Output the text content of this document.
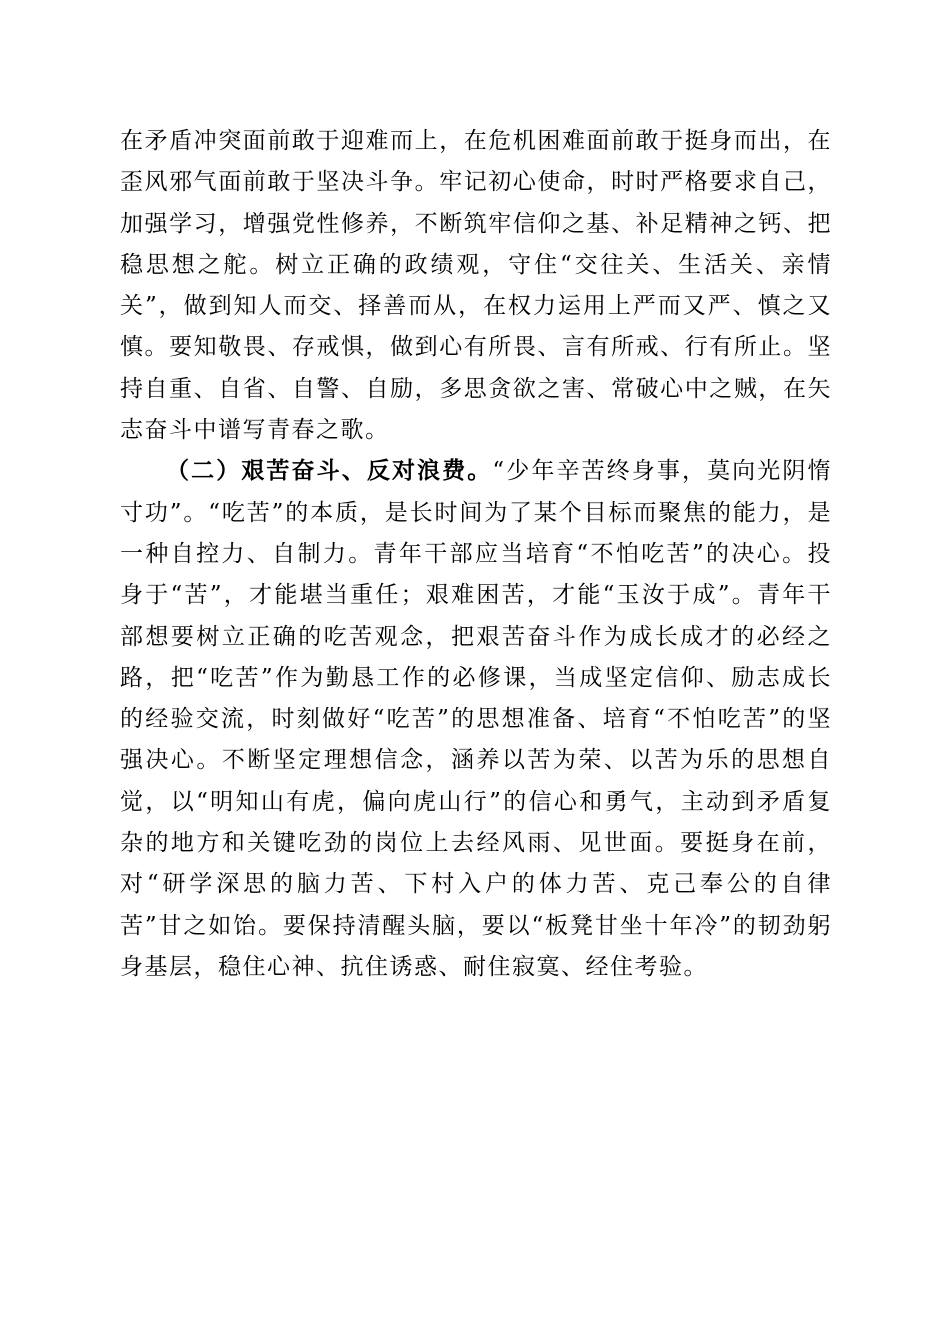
在矛盾冲突面前敢于迎难而上，在危机困难面前敢于挺身而出，在歪风邪气面前敢于坚决斗争。牢记初心使命，时时严格要求自己，加强学习，增强党性修养，不断筑牢信仰之基、补足精神之钙、把稳思想之舵。树立正确的政绩观，守住“交往关、生活关、亲情关”，做到知人而交、择善而从，在权力运用上严而又严、慎之又慎。要知敬畏、存戒惧，做到心有所畏、言有所戒、行有所止。坚持自重、自省、自警、自励，多思贪欲之害、常破心中之贼，在矢志奋斗中谱写青春之歌。

（二）艰苦奋斗、反对浪费。“少年辛苦终身事，莫向光阴惰寸功”。“吃苦”的本质，是长时间为了某个目标而聚焦的能力，是一种自控力、自制力。青年干部应当培育“不怕吃苦”的决心。投身于“苦”，才能堪当重任；艰难困苦，才能“玉汝于成”。青年干部想要树立正确的吃苦观念，把艰苦奋斗作为成长成才的必经之路，把“吃苦”作为勤恳工作的必修课，当成坚定信仰、励志成长的经验交流，时刻做好“吃苦”的思想准备、培育“不怕吃苦”的坚强决心。不断坚定理想信念，涵养以苦为荣、以苦为乐的思想自觉，以“明知山有虎，偏向虎山行”的信心和勇气，主动到矛盾复杂的地方和关键吃劲的岗位上去经风雨、见世面。要挺身在前，对“研学深思的脑力苦、下村入户的体力苦、克己奉公的自律苦”甘之如饴。要保持清醒头脑，要以“板凳甘坐十年冷”的韧劲躬身基层，稳住心神、抗住诱惑、耐住寂寞、经住考验。
